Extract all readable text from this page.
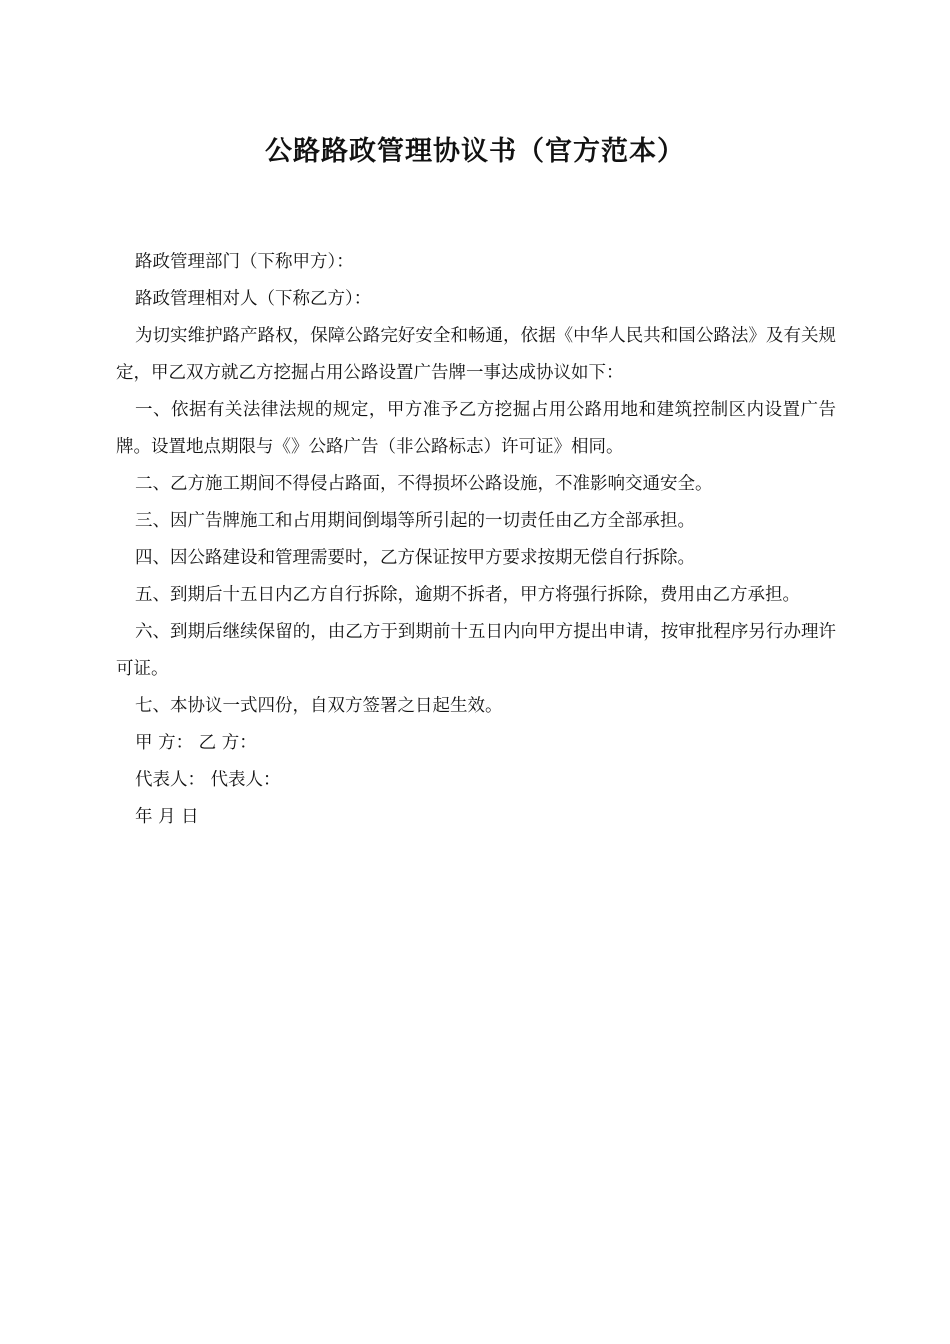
公路路政管理协议书（官方范本）

路政管理部门（下称甲方）：

路政管理相对人（下称乙方）：

为切实维护路产路权，保障公路完好安全和畅通，依据《中华人民共和国公路法》及有关规定，甲乙双方就乙方挖掘占用公路设置广告牌一事达成协议如下：

一、依据有关法律法规的规定，甲方准予乙方挖掘占用公路用地和建筑控制区内设置广告牌。设置地点期限与《》公路广告（非公路标志）许可证》相同。

二、乙方施工期间不得侵占路面，不得损坏公路设施，不准影响交通安全。

三、因广告牌施工和占用期间倒塌等所引起的一切责任由乙方全部承担。

四、因公路建设和管理需要时，乙方保证按甲方要求按期无偿自行拆除。

五、到期后十五日内乙方自行拆除，逾期不拆者，甲方将强行拆除，费用由乙方承担。

六、到期后继续保留的，由乙方于到期前十五日内向甲方提出申请，按审批程序另行办理许可证。

七、本协议一式四份，自双方签署之日起生效。

甲 方： 乙 方：

代表人： 代表人：

年 月 日
